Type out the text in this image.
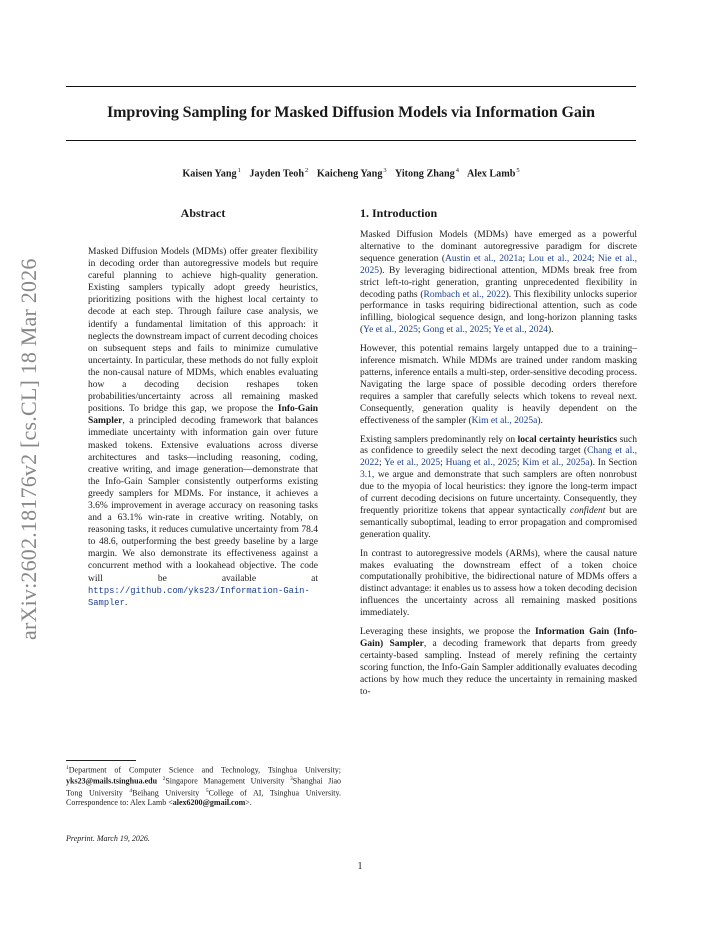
Improving Sampling for Masked Diffusion Models via Information Gain
Kaisen Yang$^1$ Jayden Teoh$^2$ Kaicheng Yang$^3$ Yitong Zhang$^4$ Alex Lamb$^5$
arXiv:2602.18176v2 [cs.CL] 18 Mar 2026
Abstract
Masked Diffusion Models (MDMs) offer greater flexibility in decoding order than autoregressive models but require careful planning to achieve high-quality generation. Existing samplers typically adopt greedy heuristics, prioritizing positions with the highest local certainty to decode at each step. Through failure case analysis, we identify a fundamental limitation of this approach: it neglects the downstream impact of current decoding choices on subsequent steps and fails to minimize cumulative uncertainty. In particular, these methods do not fully exploit the non-causal nature of MDMs, which enables evaluating how a decoding decision reshapes token probabilities/uncertainty across all remaining masked positions. To bridge this gap, we propose the Info-Gain Sampler, a principled decoding framework that balances immediate uncertainty with information gain over future masked tokens. Extensive evaluations across diverse architectures and tasks—including reasoning, coding, creative writing, and image generation—demonstrate that the Info-Gain Sampler consistently outperforms existing greedy samplers for MDMs. For instance, it achieves a 3.6% improvement in average accuracy on reasoning tasks and a 63.1% win-rate in creative writing. Notably, on reasoning tasks, it reduces cumulative uncertainty from 78.4 to 48.6, outperforming the best greedy baseline by a large margin. We also demonstrate its effectiveness against a concurrent method with a lookahead objective. The code will be available at https://github.com/yks23/Information-Gain-Sampler.
1. Introduction

Masked Diffusion Models (MDMs) have emerged as a powerful alternative to the dominant autoregressive paradigm for discrete sequence generation (Austin et al., 2021a; Lou et al., 2024; Nie et al., 2025). By leveraging bidirectional attention, MDMs break free from strict left-to-right generation, granting unprecedented flexibility in decoding paths (Rombach et al., 2022). This flexibility unlocks superior performance in tasks requiring bidirectional attention, such as code infilling, biological sequence design, and long-horizon planning tasks (Ye et al., 2025; Gong et al., 2025; Ye et al., 2024).

However, this potential remains largely untapped due to a training–inference mismatch. While MDMs are trained under random masking patterns, inference entails a multi-step, order-sensitive decoding process. Navigating the large space of possible decoding orders therefore requires a sampler that carefully selects which tokens to reveal next. Consequently, generation quality is heavily dependent on the effectiveness of the sampler (Kim et al., 2025a).

Existing samplers predominantly rely on local certainty heuristics such as confidence to greedily select the next decoding target (Chang et al., 2022; Ye et al., 2025; Huang et al., 2025; Kim et al., 2025a). In Section 3.1, we argue and demonstrate that such samplers are often nonrobust due to the myopia of local heuristics: they ignore the long-term impact of current decoding decisions on future uncertainty. Consequently, they frequently prioritize tokens that appear syntactically confident but are semantically suboptimal, leading to error propagation and compromised generation quality.

In contrast to autoregressive models (ARMs), where the causal nature makes evaluating the downstream effect of a token choice computationally prohibitive, the bidirectional nature of MDMs offers a distinct advantage: it enables us to assess how a token decoding decision influences the uncertainty across all remaining masked positions immediately.

Leveraging these insights, we propose the Information Gain (Info-Gain) Sampler, a decoding framework that departs from greedy certainty-based sampling. Instead of merely refining the certainty scoring function, the Info-Gain Sampler additionally evaluates decoding actions by how much they reduce the uncertainty in remaining masked to-

$^1$Department of Computer Science and Technology, Tsinghua University; yks23@mails.tsinghua.edu $^2$Singapore Management University $^3$Shanghai Jiao Tong University $^4$Beihang University $^5$College of AI, Tsinghua University. Correspondence to: Alex Lamb <alex6200@gmail.com>.
Preprint. March 19, 2026.
1
